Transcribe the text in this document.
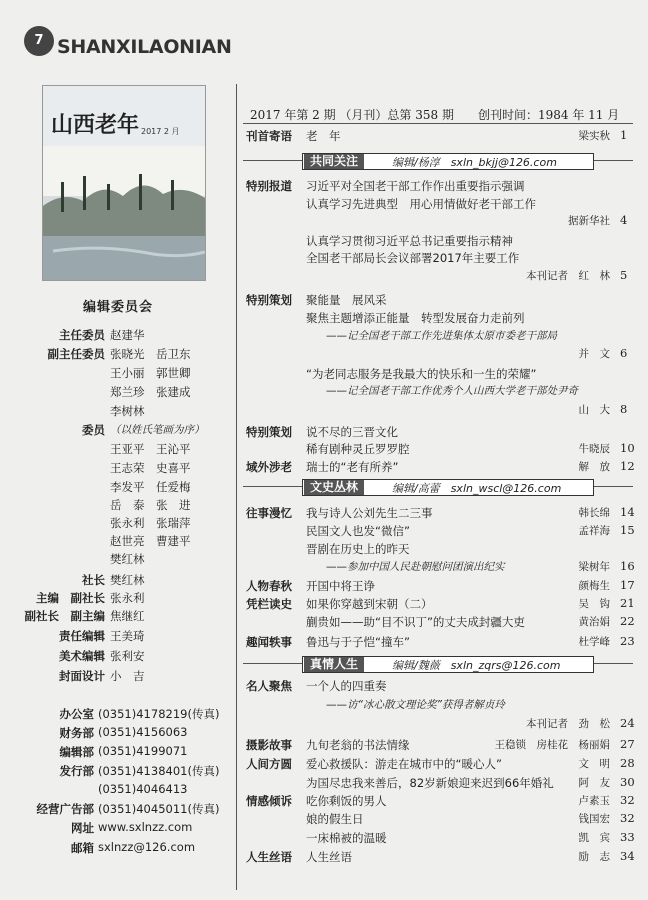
7 SHANXILAONIAN
山西老年 2017 2 月
编辑委员会
主任委员 赵建华
副主任委员 张晓光　岳卫东
王小丽　郭世卿
郑兰珍　张建成
李树林
委员 （以姓氏笔画为序）
王亚平　王沁平
王志荣　史喜平
李发平　任爱梅
岳　泰　张　进
张永利　张瑞萍
赵世亮　曹建平
樊红林
社长 樊红林
主编　副社长 张永利
副社长　副主编 焦继红
责任编辑 王美琦
美术编辑 张利安
封面设计 小　吉
办公室 (0351)4178219(传真)
财务部 (0351)4156063
编辑部 (0351)4199071
发行部 (0351)4138401(传真)
(0351)4046413
经营广告部 (0351)4045011(传真)
网址 www.sxlnzz.com
邮箱 sxlnzz@126.com
2017 年第 2 期 （月刊）总第 358 期　　创刊时间：1984 年 11 月
共同关注	编辑/杨淳　sxln_bkjj@126.com
文史丛林	编辑/高蕾　sxln_wscl@126.com
真情人生	编辑/魏薇　sxln_zqrs@126.com
刊首寄语 老　年	梁实秋 1
特别报道 习近平对全国老干部工作作出重要指示强调
认真学习先进典型　用心用情做好老干部工作
据新华社 4
认真学习贯彻习近平总书记重要指示精神
全国老干部局长会议部署2017年主要工作
本刊记者　红　林 5
特别策划 聚能量　展风采
聚焦主题增添正能量　转型发展奋力走前列
——记全国老干部工作先进集体太原市委老干部局
并　文 6
“为老同志服务是我最大的快乐和一生的荣耀”
——记全国老干部工作优秀个人山西大学老干部处尹奇
山　大 8
特别策划 说不尽的三晋文化
稀有剧种灵丘罗罗腔	牛晓辰 10
域外涉老 瑞士的“老有所养”	解　放 12
往事漫忆 我与诗人公刘先生二三事	韩长绵 14
民国文人也发“微信”	孟祥海 15
晋剧在历史上的昨天
——参加中国人民赴朝慰问团演出纪实	梁树年 16
人物春秋 开国中将王诤	颜梅生 17
凭栏读史 如果你穿越到宋朝（二）	吴　钩 21
蒯贵如——助“目不识丁”的丈夫成封疆大吏	黄治娟 22
趣闻轶事 鲁迅与于子恺“撞车”	杜学峰 23
名人聚焦 一个人的四重奏
——访“冰心散文理论奖”获得者解贞玲
本刊记者　劲　松 24
摄影故事 九旬老翁的书法情缘	王稳锁　房桂花　杨丽娟 27
人间方圆 爱心救援队：游走在城市中的“暖心人”	文　明 28
为国尽忠我来善后，82岁新娘迎来迟到66年婚礼	阿　友 30
情感倾诉 吃你剩饭的男人	卢素玉 32
娘的假生日	钱国宏 32
一床棉被的温暖	凯　宾 33
人生丝语 人生丝语	励　志 34
